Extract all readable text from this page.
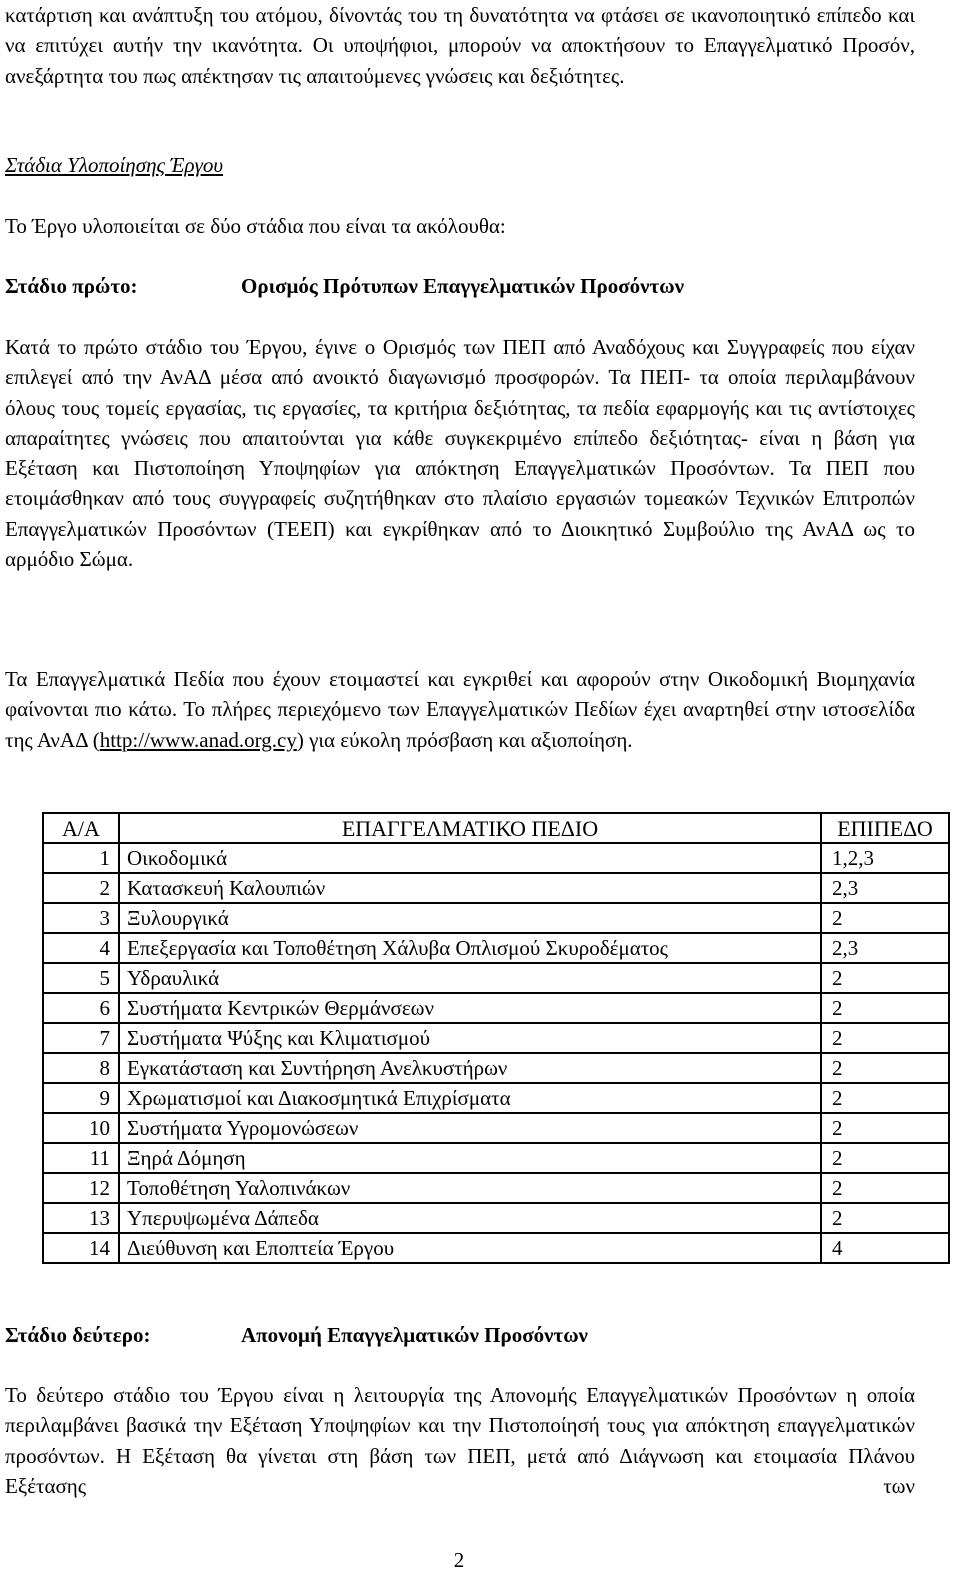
κατάρτιση και ανάπτυξη του ατόμου, δίνοντάς του τη δυνατότητα να φτάσει σε ικανοποιητικό επίπεδο και να επιτύχει αυτήν την ικανότητα. Οι υποψήφιοι, μπορούν να αποκτήσουν το Επαγγελματικό Προσόν, ανεξάρτητα του πως απέκτησαν τις απαιτούμενες γνώσεις και δεξιότητες.

Στάδια Υλοποίησης Έργου
Το Έργο υλοποιείται σε δύο στάδια που είναι τα ακόλουθα:
Στάδιο πρώτο:	Ορισμός Πρότυπων Επαγγελματικών Προσόντων

Κατά το πρώτο στάδιο του Έργου, έγινε ο Ορισμός των ΠΕΠ από Αναδόχους και Συγγραφείς που είχαν επιλεγεί από την ΑνΑΔ μέσα από ανοικτό διαγωνισμό προσφορών. Τα ΠΕΠ- τα οποία περιλαμβάνουν όλους τους τομείς εργασίας, τις εργασίες, τα κριτήρια δεξιότητας, τα πεδία εφαρμογής και τις αντίστοιχες απαραίτητες γνώσεις που απαιτούνται για κάθε συγκεκριμένο επίπεδο δεξιότητας- είναι η βάση για Εξέταση και Πιστοποίηση Υποψηφίων για απόκτηση Επαγγελματικών Προσόντων. Τα ΠΕΠ που ετοιμάσθηκαν από τους συγγραφείς συζητήθηκαν στο πλαίσιο εργασιών τομεακών Τεχνικών Επιτροπών Επαγγελματικών Προσόντων (ΤΕΕΠ) και εγκρίθηκαν από το Διοικητικό Συμβούλιο της ΑνΑΔ ως το αρμόδιο Σώμα.

Τα Επαγγελματικά Πεδία που έχουν ετοιμαστεί και εγκριθεί και αφορούν στην Οικοδομική Βιομηχανία φαίνονται πιο κάτω. Το πλήρες περιεχόμενο των Επαγγελματικών Πεδίων έχει αναρτηθεί στην ιστοσελίδα της ΑνΑΔ (http://www.anad.org.cy) για εύκολη πρόσβαση και αξιοποίηση.

Α/Α	ΕΠΑΓΓΕΛΜΑΤΙΚΟ ΠΕΔΙΟ	ΕΠΙΠΕΔΟ
1	Οικοδομικά	1,2,3
2	Κατασκευή Καλουπιών	2,3
3	Ξυλουργικά	2
4	Επεξεργασία και Τοποθέτηση Χάλυβα Οπλισμού Σκυροδέματος	2,3
5	Υδραυλικά	2
6	Συστήματα Κεντρικών Θερμάνσεων	2
7	Συστήματα Ψύξης και Κλιματισμού	2
8	Εγκατάσταση και Συντήρηση Ανελκυστήρων	2
9	Χρωματισμοί και Διακοσμητικά Επιχρίσματα	2
10	Συστήματα Υγρομονώσεων	2
11	Ξηρά Δόμηση	2
12	Τοποθέτηση Υαλοπινάκων	2
13	Υπερυψωμένα Δάπεδα	2
14	Διεύθυνση και Εποπτεία Έργου	4
Στάδιο δεύτερο:	Απονομή Επαγγελματικών Προσόντων

Το δεύτερο στάδιο του Έργου είναι η λειτουργία της Απονομής Επαγγελματικών Προσόντων η οποία περιλαμβάνει βασικά την Εξέταση Υποψηφίων και την Πιστοποίησή τους για απόκτηση επαγγελματικών προσόντων. Η Εξέταση θα γίνεται στη βάση των ΠΕΠ, μετά από Διάγνωση και ετοιμασία Πλάνου Εξέτασης των

2
